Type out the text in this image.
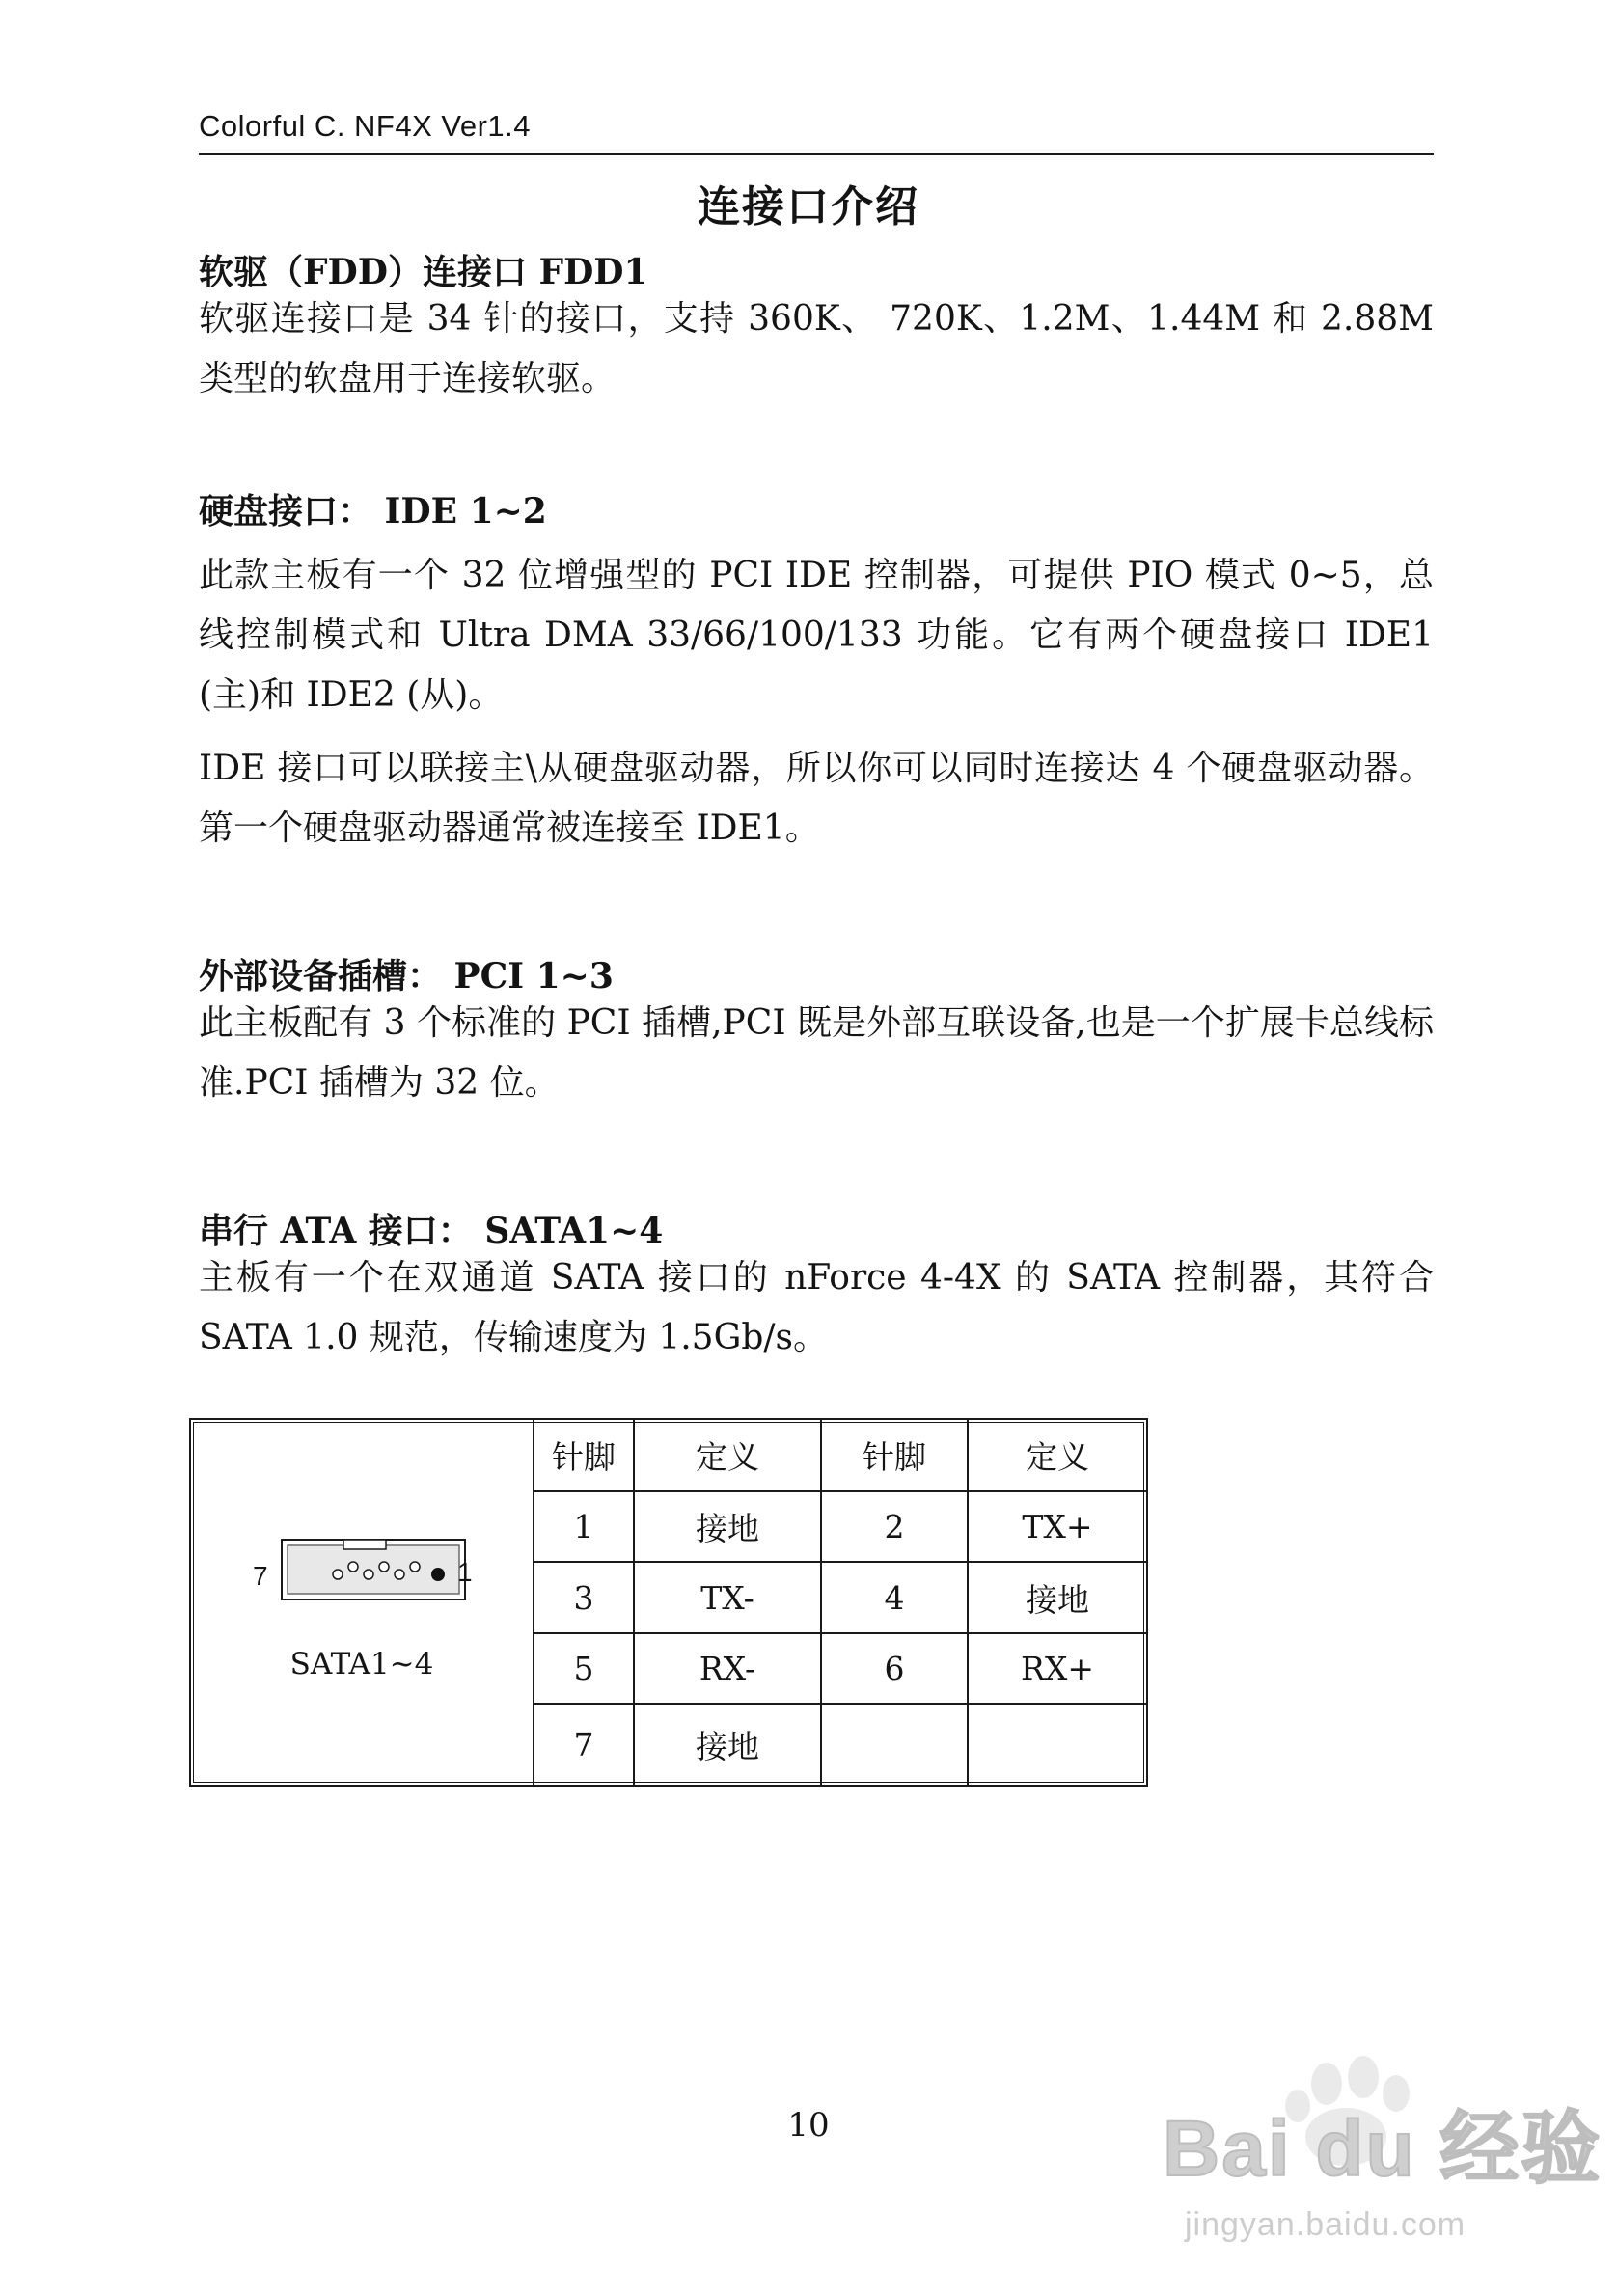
Colorful C. NF4X Ver1.4
连接口介绍
软驱（FDD）连接口 FDD1
软驱连接口是 34 针的接口，支持 360K、 720K、1.2M、1.44M 和 2.88M 类型的软盘用于连接软驱。
硬盘接口： IDE 1~2
此款主板有一个 32 位增强型的 PCI IDE 控制器，可提供 PIO 模式 0~5，总线控制模式和 Ultra DMA 33/66/100/133 功能。它有两个硬盘接口 IDE1 (主)和 IDE2 (从)。
IDE 接口可以联接主\从硬盘驱动器，所以你可以同时连接达 4 个硬盘驱动器。第一个硬盘驱动器通常被连接至 IDE1。
外部设备插槽： PCI 1~3
此主板配有 3 个标准的 PCI 插槽,PCI 既是外部互联设备,也是一个扩展卡总线标准.PCI 插槽为 32 位。
串行 ATA 接口： SATA1~4
主板有一个在双通道 SATA 接口的 nForce 4-4X 的 SATA 控制器，其符合 SATA 1.0 规范，传输速度为 1.5Gb/s。
针脚	定义	针脚	定义
1	接地	2	TX+
3	TX-	4	接地
5	RX-	6	RX+
7	接地
7	1
SATA1~4
10	Bai du 经验
jingyan.baidu.com
